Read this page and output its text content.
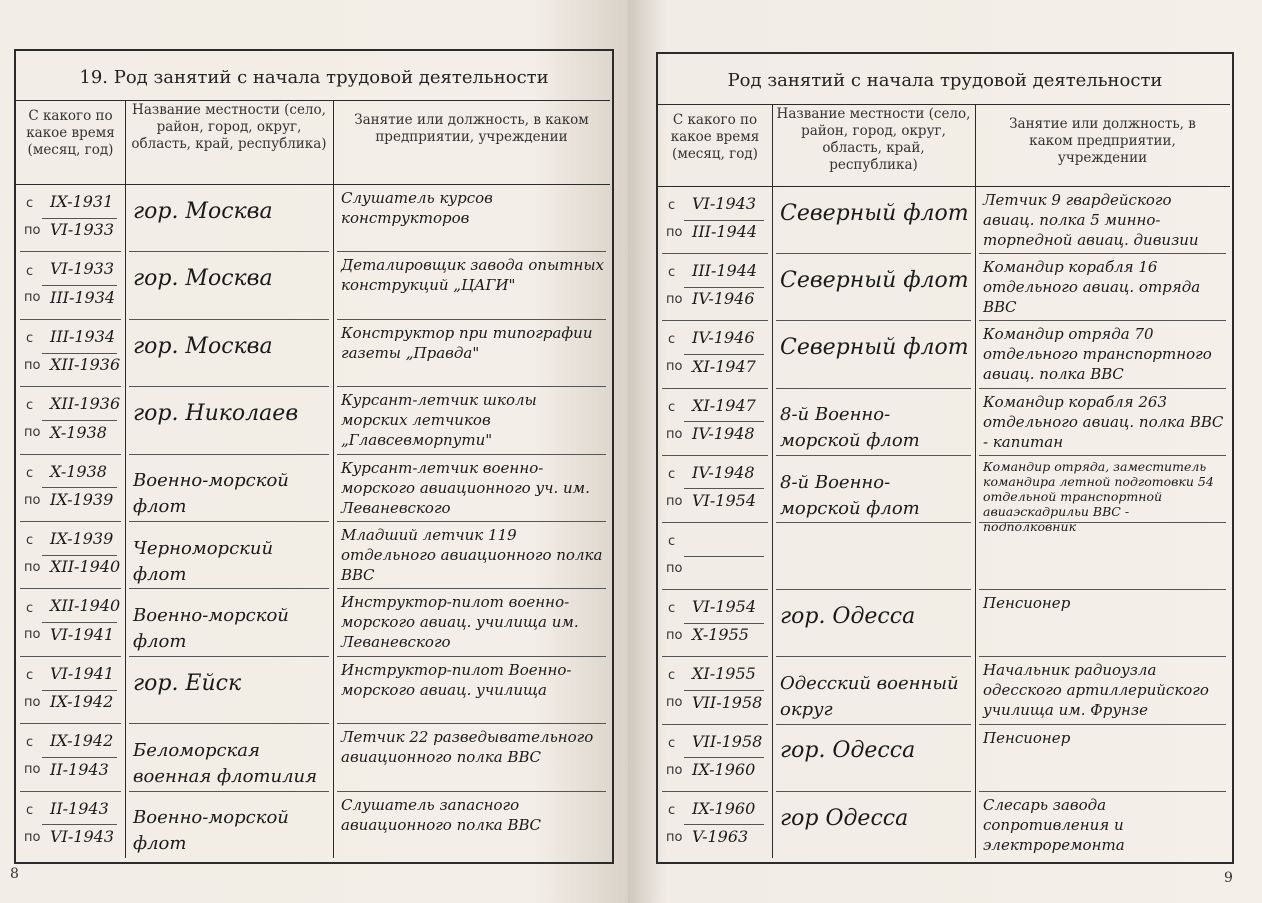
19. Род занятий с начала трудовой деятельности	Род занятий с начала трудовой деятельности
С какого по какое время (месяц, год)
Название местности (село, район, город, округ, область, край, республика)
Занятие или должность, в каком предприятии, учреждении
с
по
IX-1931
VI-1933
гор. Москва
Слушатель курсов конструкторов
с
по
VI-1933
III-1934
гор. Москва
Деталировщик завода опытных конструкций „ЦАГИ"
с
по
III-1934
XII-1936
гор. Москва
Конструктор при типографии газеты „Правда"
с
по
XII-1936
X-1938
гор. Николаев
Курсант-летчик школы морских летчиков „Главсевморпути"
с
по
X-1938
IX-1939
Военно-морской флот
Курсант-летчик военно-морского авиационного уч. им. Леваневского
с
по
IX-1939
XII-1940
Черноморский флот
Младший летчик 119 отдельного авиационного полка ВВС
с
по
XII-1940
VI-1941
Военно-морской флот
Инструктор-пилот военно-морского авиац. училища им. Леваневского
с
по
VI-1941
IX-1942
гор. Ейск
Инструктор-пилот Военно-морского авиац. училища
с
по
IX-1942
II-1943
Беломорская военная флотилия
Летчик 22 разведывательного авиационного полка ВВС
с
по
II-1943
VI-1943
Военно-морской флот
Слушатель запасного авиационного полка ВВС
С какого по какое время (месяц, год)
Название местности (село, район, город, округ, область, край, республика)
Занятие или должность, в каком предприятии, учреждении
с
по
VI-1943
III-1944
Северный флот
Летчик 9 гвардейского авиац. полка 5 минно-торпедной авиац. дивизии
с
по
III-1944
IV-1946
Северный флот
Командир корабля 16 отдельного авиац. отряда ВВС
с
по
IV-1946
XI-1947
Северный флот
Командир отряда 70 отдельного транспортного авиац. полка ВВС
с
по
XI-1947
IV-1948
8-й Военно-морской флот
Командир корабля 263 отдельного авиац. полка ВВС - капитан
с
по
IV-1948
VI-1954
8-й Военно-морской флот
Командир отряда, заместитель командира летной подготовки 54 отдельной транспортной авиаэскадрильи ВВС - подполковник
с
по
с
по
VI-1954
X-1955
гор. Одесса
Пенсионер
с
по
XI-1955
VII-1958
Одесский военный округ
Начальник радиоузла одесского артиллерийского училища им. Фрунзе
с
по
VII-1958
IX-1960
гор. Одесса
Пенсионер
с
по
IX-1960
V-1963
гор Одесса
Слесарь завода сопротивления и электроремонта
8	9
